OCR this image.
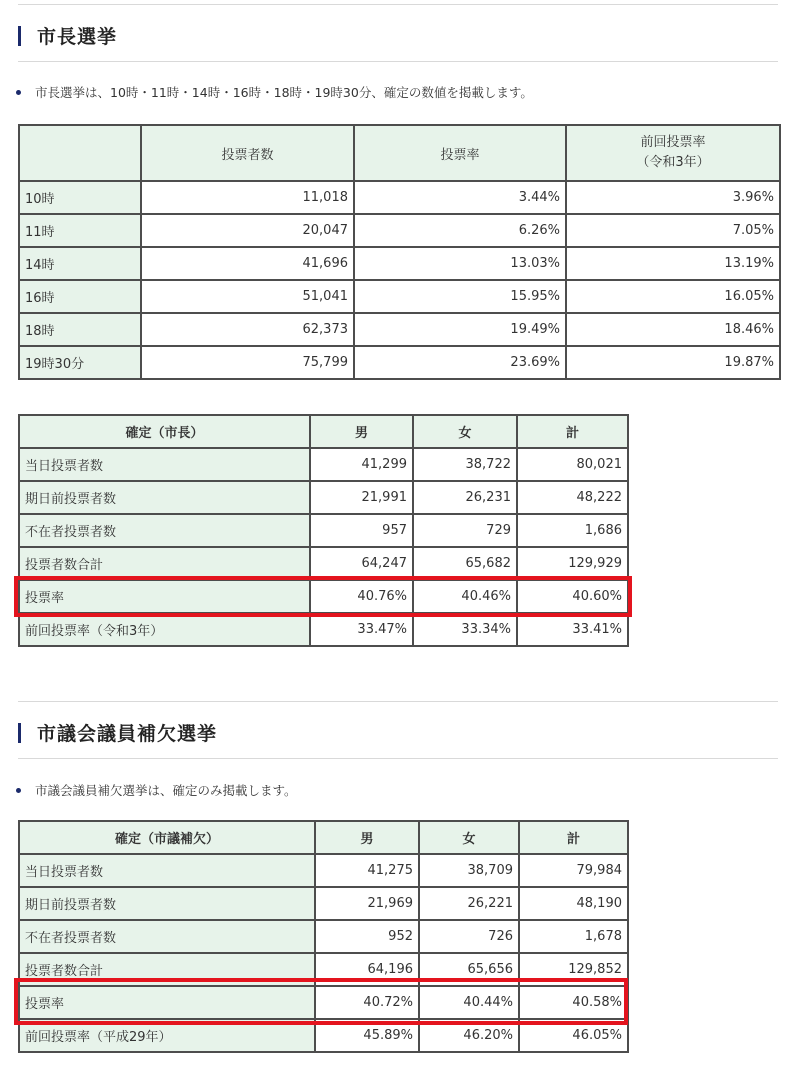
市長選挙
市長選挙は、10時・11時・14時・16時・18時・19時30分、確定の数値を掲載します。
	投票者数	投票率	前回投票率
（令和3年）
10時	11,018	3.44%	3.96%
11時	20,047	6.26%	7.05%
14時	41,696	13.03%	13.19%
16時	51,041	15.95%	16.05%
18時	62,373	19.49%	18.46%
19時30分	75,799	23.69%	19.87%
確定（市長）	男	女	計
当日投票者数	41,299	38,722	80,021
期日前投票者数	21,991	26,231	48,222
不在者投票者数	957	729	1,686
投票者数合計	64,247	65,682	129,929
投票率	40.76%	40.46%	40.60%
前回投票率（令和3年）	33.47%	33.34%	33.41%
市議会議員補欠選挙
市議会議員補欠選挙は、確定のみ掲載します。
確定（市議補欠）	男	女	計
当日投票者数	41,275	38,709	79,984
期日前投票者数	21,969	26,221	48,190
不在者投票者数	952	726	1,678
投票者数合計	64,196	65,656	129,852
投票率	40.72%	40.44%	40.58%
前回投票率（平成29年）	45.89%	46.20%	46.05%
